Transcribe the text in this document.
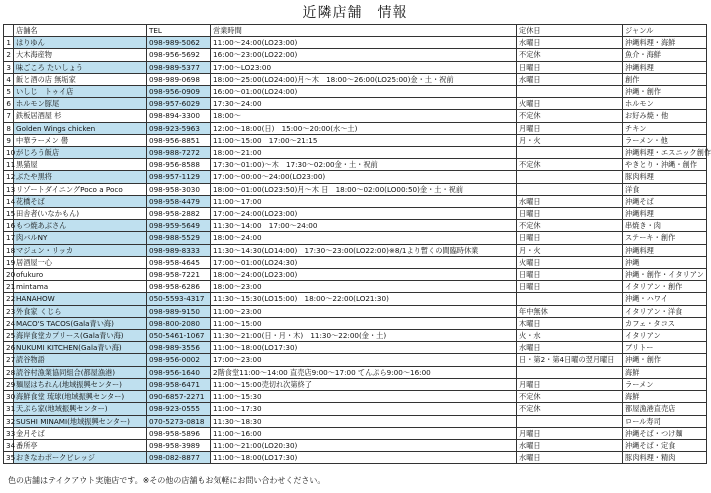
近隣店舗　情報
	店舗名	TEL	営業時間	定休日	ジャンル
1	はりゆん	098-989-5062	11:00～24:00(LO23:00)	水曜日	沖縄料理・海鮮
2	大木海産物	098-956-5692	16:00～23:00(LO22:00)	不定休	魚介・海鮮
3	味ごころ たいしょう	098-989-5377	17:00～LO23:00	日曜日	沖縄料理
4	飯と酒の店 無垢家	098-989-0698	18:00～25:00(LO24:00)月～木　18:00～26:00(LO25:00)金・土・祝前	水曜日	創作
5	いしじ　トゥイ店	098-956-0909	16:00～01:00(LO24:00)		沖縄・創作
6	ホルモン豚尾	098-957-6029	17:30～24:00	火曜日	ホルモン
7	鉄板居酒屋 杉	098-894-3300	18:00～	不定休	お好み焼・他
8	Golden Wings chicken	098-923-5963	12:00～18:00(日)　15:00～20:00(水～土)	月曜日	チキン
9	中華ラーメン 嚳	098-956-8851	11:00～15:00　17:00～21:15	月・火	ラーメン・他
10	がじろう飯店	098-988-7272	18:00～21:00		沖縄料理・エスニック創作
11	黒猫屋	098-956-8588	17:30～01:00)～木　17:30～02:00金・土・祝前	不定休	やきとり・沖縄・創作
12	ぶたや黒将	098-957-1129	17:00～00:00～24:00(LO23:00)		豚肉料理
13	リゾートダイニングPoco a Poco	098-958-3030	18:00～01:00(LO23:50)月～木 日　18:00～02:00(LO00:50)金・土・祝前		洋食
14	花橋そば	098-958-4479	11:00～17:00	水曜日	沖縄そば
15	田舎者(いなかもん)	098-958-2882	17:00～24:00(LO23:00)	日曜日	沖縄料理
16	もつ焼あぶさん	098-959-5649	11:30～14:00　17:00～24:00	不定休	串焼き・肉
17	肉バルNY	098-988-5529	18:00～24:00	日曜日	ステーキ・創作
18	マジュン・リッカ	098-989-8333	11:30～14:30(LO14:00)　17:30～23:00(LO22:00)※8/1より暫くの間臨時休業	月・火	沖縄料理
19	居酒屋一心	098-958-4645	17:00～01:00(LO24:30)	火曜日	沖縄
20	ofukuro	098-958-7221	18:00～24:00(LO23:00)	日曜日	沖縄・創作・イタリアン
21	mintama	098-958-6286	18:00～23:00	日曜日	イタリアン・創作
22	HANAHOW	050-5593-4317	11:30～15:30(LO15:00)　18:00～22:00(LO21:30)		沖縄・ハワイ
23	外食家 くじら	098-989-9150	11:00～23:00	年中無休	イタリアン・洋食
24	MACO'S TACOS(Gala青い海)	098-800-2080	11:00～15:00	木曜日	カフェ・タコス
25	海岸食堂カプリース(Gala青い海)	050-5461-1067	11:30～21:00(日・月・木)　11:30～22:00(金・土)	火・水	イタリアン
26	NUKUMI KITCHEN(Gala青い海)	098-989-3556	11:00～18:00(LO17:30)	水曜日	ブリトー
27	読谷物語	098-956-0002	17:00～23:00	日・第2・第4日曜の翌月曜日	沖縄・創作
28	読谷村漁業協同組合(都屋漁港)	098-956-1640	2階食堂11:00～14:00 直売店9:00～17:00 てんぷら9:00～16:00		海鮮
29	麺屋はちれん(地域振興センター)	098-958-6471	11:00～15:00売切れ次第終了	月曜日	ラーメン
30	海鮮食堂 琉球(地域振興センター)	090-6857-2271	11:00～15:30	不定休	海鮮
31	天ぷら家(地域振興センター)	098-923-0555	11:00～17:30	不定休	都屋漁港直売店
32	SUSHI MINAMI(地域振興センター)	070-5273-0818	11:30～18:30		ロール寿司
33	金月そば	098-958-5896	11:00～16:00	月曜日	沖縄そば・つけ麺
34	番所亭	098-958-3989	11:00～21:00(LO20:30)	水曜日	沖縄そば・定食
35	おきなわポークビレッジ	098-082-8877	11:00～18:00(LO17:30)	水曜日	豚肉料理・精肉
色の店舗はテイクアウト実施店です。※その他の店舗もお気軽にお問い合わせください。
